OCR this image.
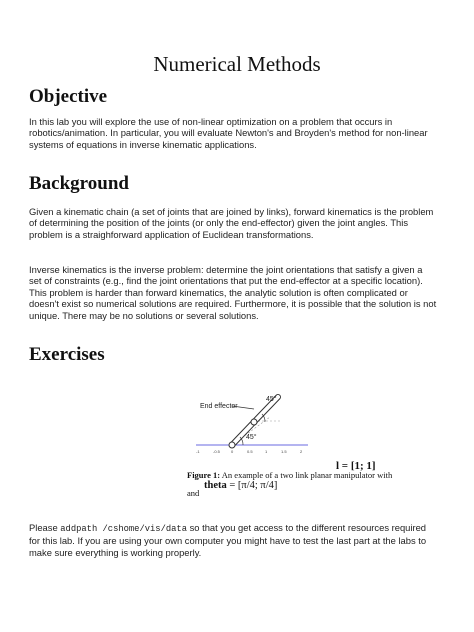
Numerical Methods
Objective
In this lab you will explore the use of non-linear optimization on a problem that occurs in robotics/animation. In particular, you will evaluate Newton's and Broyden's method for non-linear systems of equations in inverse kinematic applications.
Background
Given a kinematic chain (a set of joints that are joined by links), forward kinematics is the problem of determining the position of the joints (or only the end-effector) given the joint angles. This problem is a straighforward application of Euclidean transformations.
Inverse kinematics is the inverse problem: determine the joint orientations that satisfy a given a set of constraints (e.g., find the joint orientations that put the end-effector at a specific location). This problem is harder than forward kinematics, the analytic solution is often complicated or doesn't exist so numerical solutions are required. Furthermore, it is possible that the solution is not unique. There may be no solutions or several solutions.
Exercises
End effector
45°
45°
-1	-0.5	0	0.5	1	1.5	2
Figure 1: An example of a two link planar manipulator with
l = [1; 1]
and
theta = [π/4; π/4]
Please addpath /cshome/vis/data so that you get access to the different resources required for this lab. If you are using your own computer you might have to test the last part at the labs to make sure everything is working properly.
